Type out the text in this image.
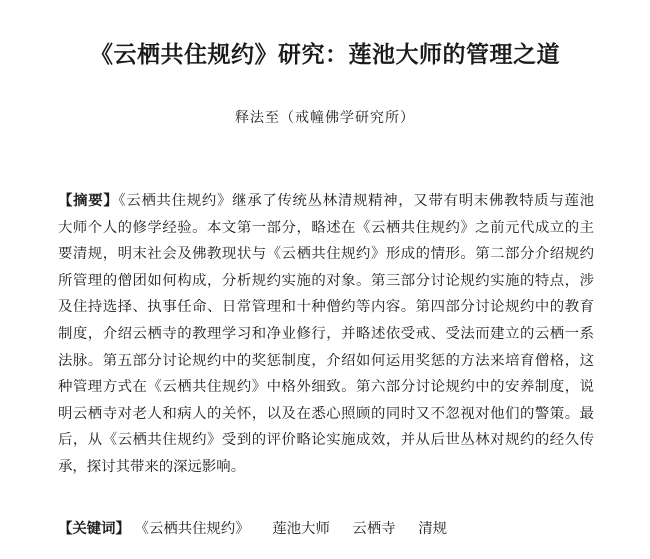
《云栖共住规约》研究：莲池大师的管理之道
释法至（戒幢佛学研究所）
【摘要】《云栖共住规约》继承了传统丛林清规精神，又带有明末佛教特质与莲池
大师个人的修学经验。本文第一部分，略述在《云栖共住规约》之前元代成立的主
要清规，明末社会及佛教现状与《云栖共住规约》形成的情形。第二部分介绍规约
所管理的僧团如何构成，分析规约实施的对象。第三部分讨论规约实施的特点，涉
及住持选择、执事任命、日常管理和十种僧约等内容。第四部分讨论规约中的教育
制度，介绍云栖寺的教理学习和净业修行，并略述依受戒、受法而建立的云栖一系
法脉。第五部分讨论规约中的奖惩制度，介绍如何运用奖惩的方法来培育僧格，这
种管理方式在《云栖共住规约》中格外细致。第六部分讨论规约中的安养制度，说
明云栖寺对老人和病人的关怀，以及在悉心照顾的同时又不忽视对他们的警策。最
后，从《云栖共住规约》受到的评价略论实施成效，并从后世丛林对规约的经久传
承，探讨其带来的深远影响。
【关键词】 《云栖共住规约》 莲池大师 云栖寺 清规
